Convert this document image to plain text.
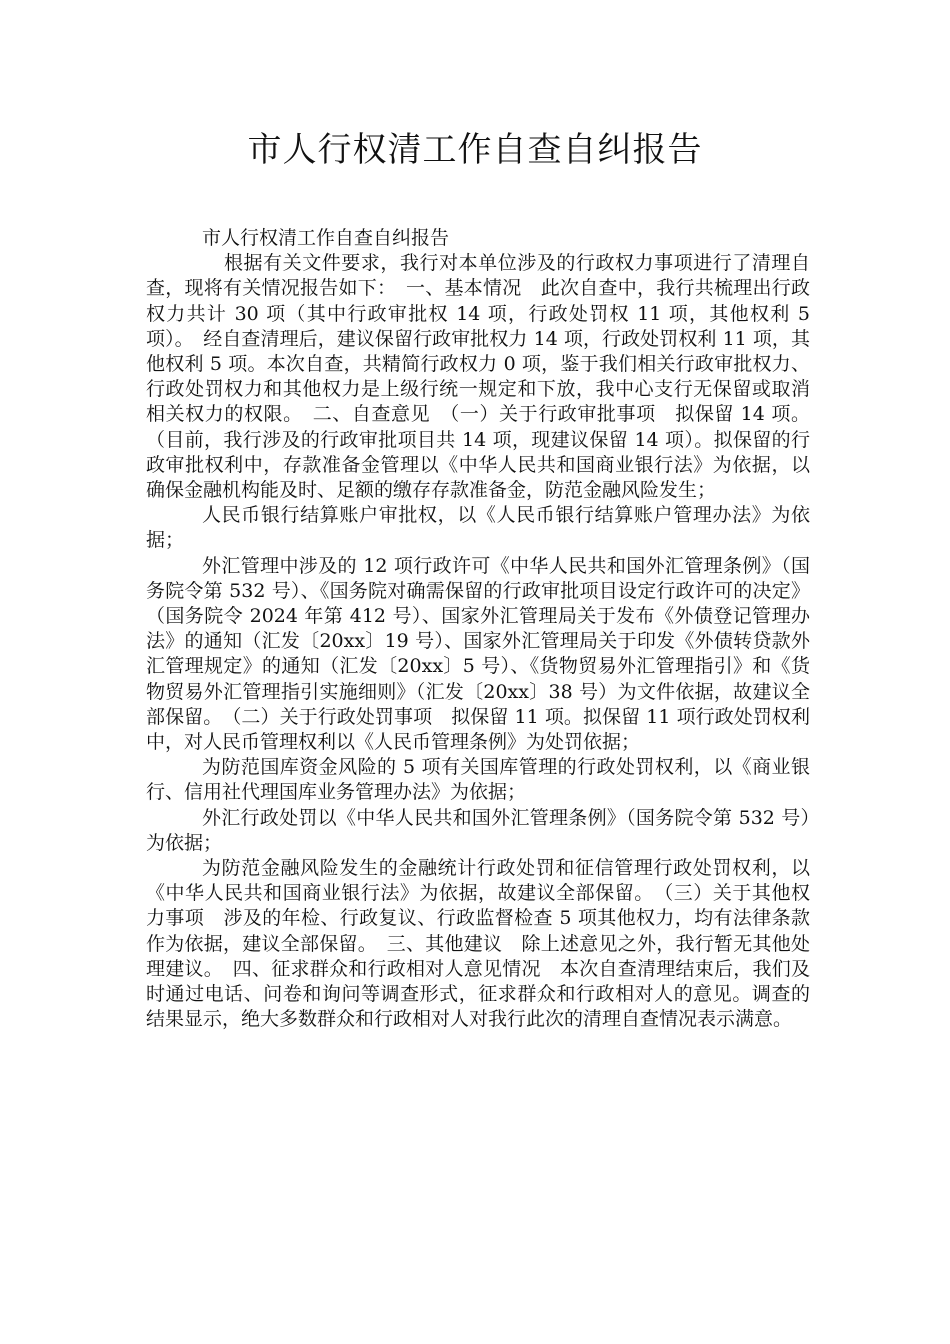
市人行权清工作自查自纠报告

市人行权清工作自查自纠报告

根据有关文件要求，我行对本单位涉及的行政权力事项进行了清理自查，现将有关情况报告如下：　一、基本情况　此次自查中，我行共梳理出行政权力共计 30 项（其中行政审批权 14 项，行政处罚权 11 项，其他权利 5 项）。　经自查清理后，建议保留行政审批权力 14 项，行政处罚权利 11 项，其他权利 5 项。本次自查，共精简行政权力 0 项，鉴于我们相关行政审批权力、行政处罚权力和其他权力是上级行统一规定和下放，我中心支行无保留或取消相关权力的权限。　二、自查意见　（一）关于行政审批事项　拟保留 14 项。（目前，我行涉及的行政审批项目共 14 项，现建议保留 14 项）。拟保留的行政审批权利中，存款准备金管理以《中华人民共和国商业银行法》为依据，以确保金融机构能及时、足额的缴存存款准备金，防范金融风险发生；

人民币银行结算账户审批权，以《人民币银行结算账户管理办法》为依据；

外汇管理中涉及的 12 项行政许可《中华人民共和国外汇管理条例》（国务院令第 532 号）、《国务院对确需保留的行政审批项目设定行政许可的决定》（国务院令 2024 年第 412 号）、国家外汇管理局关于发布《外债登记管理办法》的通知（汇发〔20xx〕19 号）、国家外汇管理局关于印发《外债转贷款外汇管理规定》的通知（汇发〔20xx〕5 号）、《货物贸易外汇管理指引》和《货物贸易外汇管理指引实施细则》（汇发〔20xx〕38 号）为文件依据，故建议全部保留。　（二）关于行政处罚事项　拟保留 11 项。拟保留 11 项行政处罚权利中，对人民币管理权利以《人民币管理条例》为处罚依据；

为防范国库资金风险的 5 项有关国库管理的行政处罚权利，以《商业银行、信用社代理国库业务管理办法》为依据；

外汇行政处罚以《中华人民共和国外汇管理条例》（国务院令第 532 号）为依据；

为防范金融风险发生的金融统计行政处罚和征信管理行政处罚权利，以《中华人民共和国商业银行法》为依据，故建议全部保留。　（三）关于其他权力事项　涉及的年检、行政复议、行政监督检查 5 项其他权力，均有法律条款作为依据，建议全部保留。　三、其他建议　除上述意见之外，我行暂无其他处理建议。　四、征求群众和行政相对人意见情况　本次自查清理结束后，我们及时通过电话、问卷和询问等调查形式，征求群众和行政相对人的意见。调查的结果显示，绝大多数群众和行政相对人对我行此次的清理自查情况表示满意。
